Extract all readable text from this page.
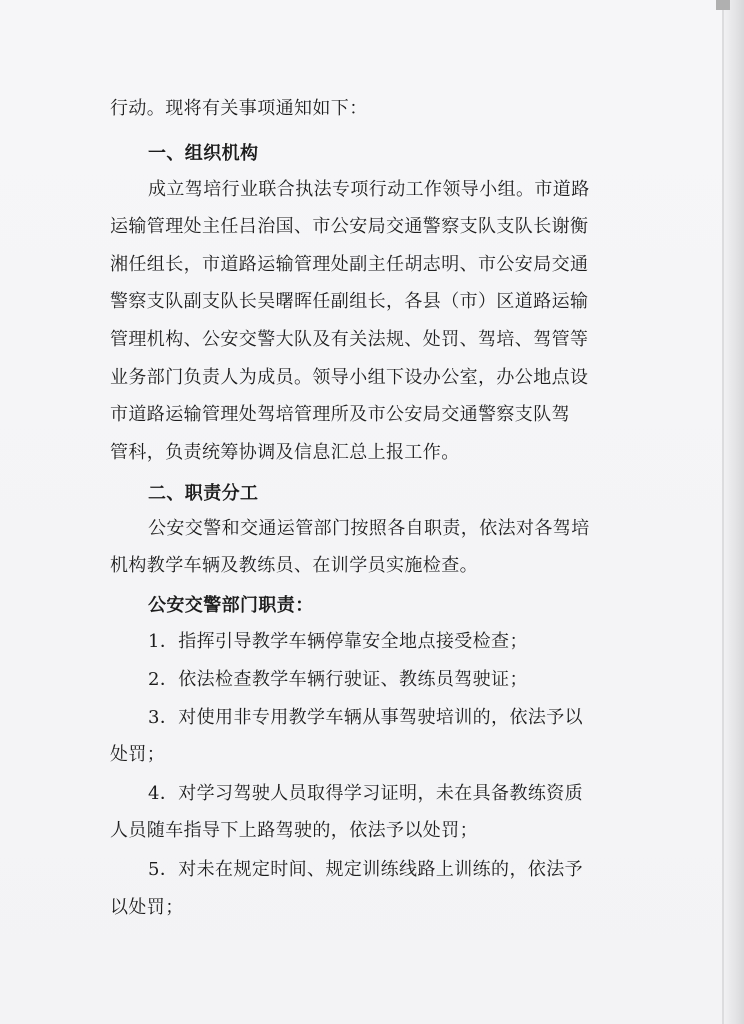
行动。现将有关事项通知如下：
一、组织机构
成立驾培行业联合执法专项行动工作领导小组。市道路
运输管理处主任吕治国、市公安局交通警察支队支队长谢衡
湘任组长，市道路运输管理处副主任胡志明、市公安局交通
警察支队副支队长吴曙晖任副组长，各县（市）区道路运输
管理机构、公安交警大队及有关法规、处罚、驾培、驾管等
业务部门负责人为成员。领导小组下设办公室，办公地点设
市道路运输管理处驾培管理所及市公安局交通警察支队驾
管科，负责统筹协调及信息汇总上报工作。
二、职责分工
公安交警和交通运管部门按照各自职责，依法对各驾培
机构教学车辆及教练员、在训学员实施检查。
公安交警部门职责：
1．指挥引导教学车辆停靠安全地点接受检查；
2．依法检查教学车辆行驶证、教练员驾驶证；
3．对使用非专用教学车辆从事驾驶培训的，依法予以
处罚；
4．对学习驾驶人员取得学习证明，未在具备教练资质
人员随车指导下上路驾驶的，依法予以处罚；
5．对未在规定时间、规定训练线路上训练的，依法予
以处罚；
